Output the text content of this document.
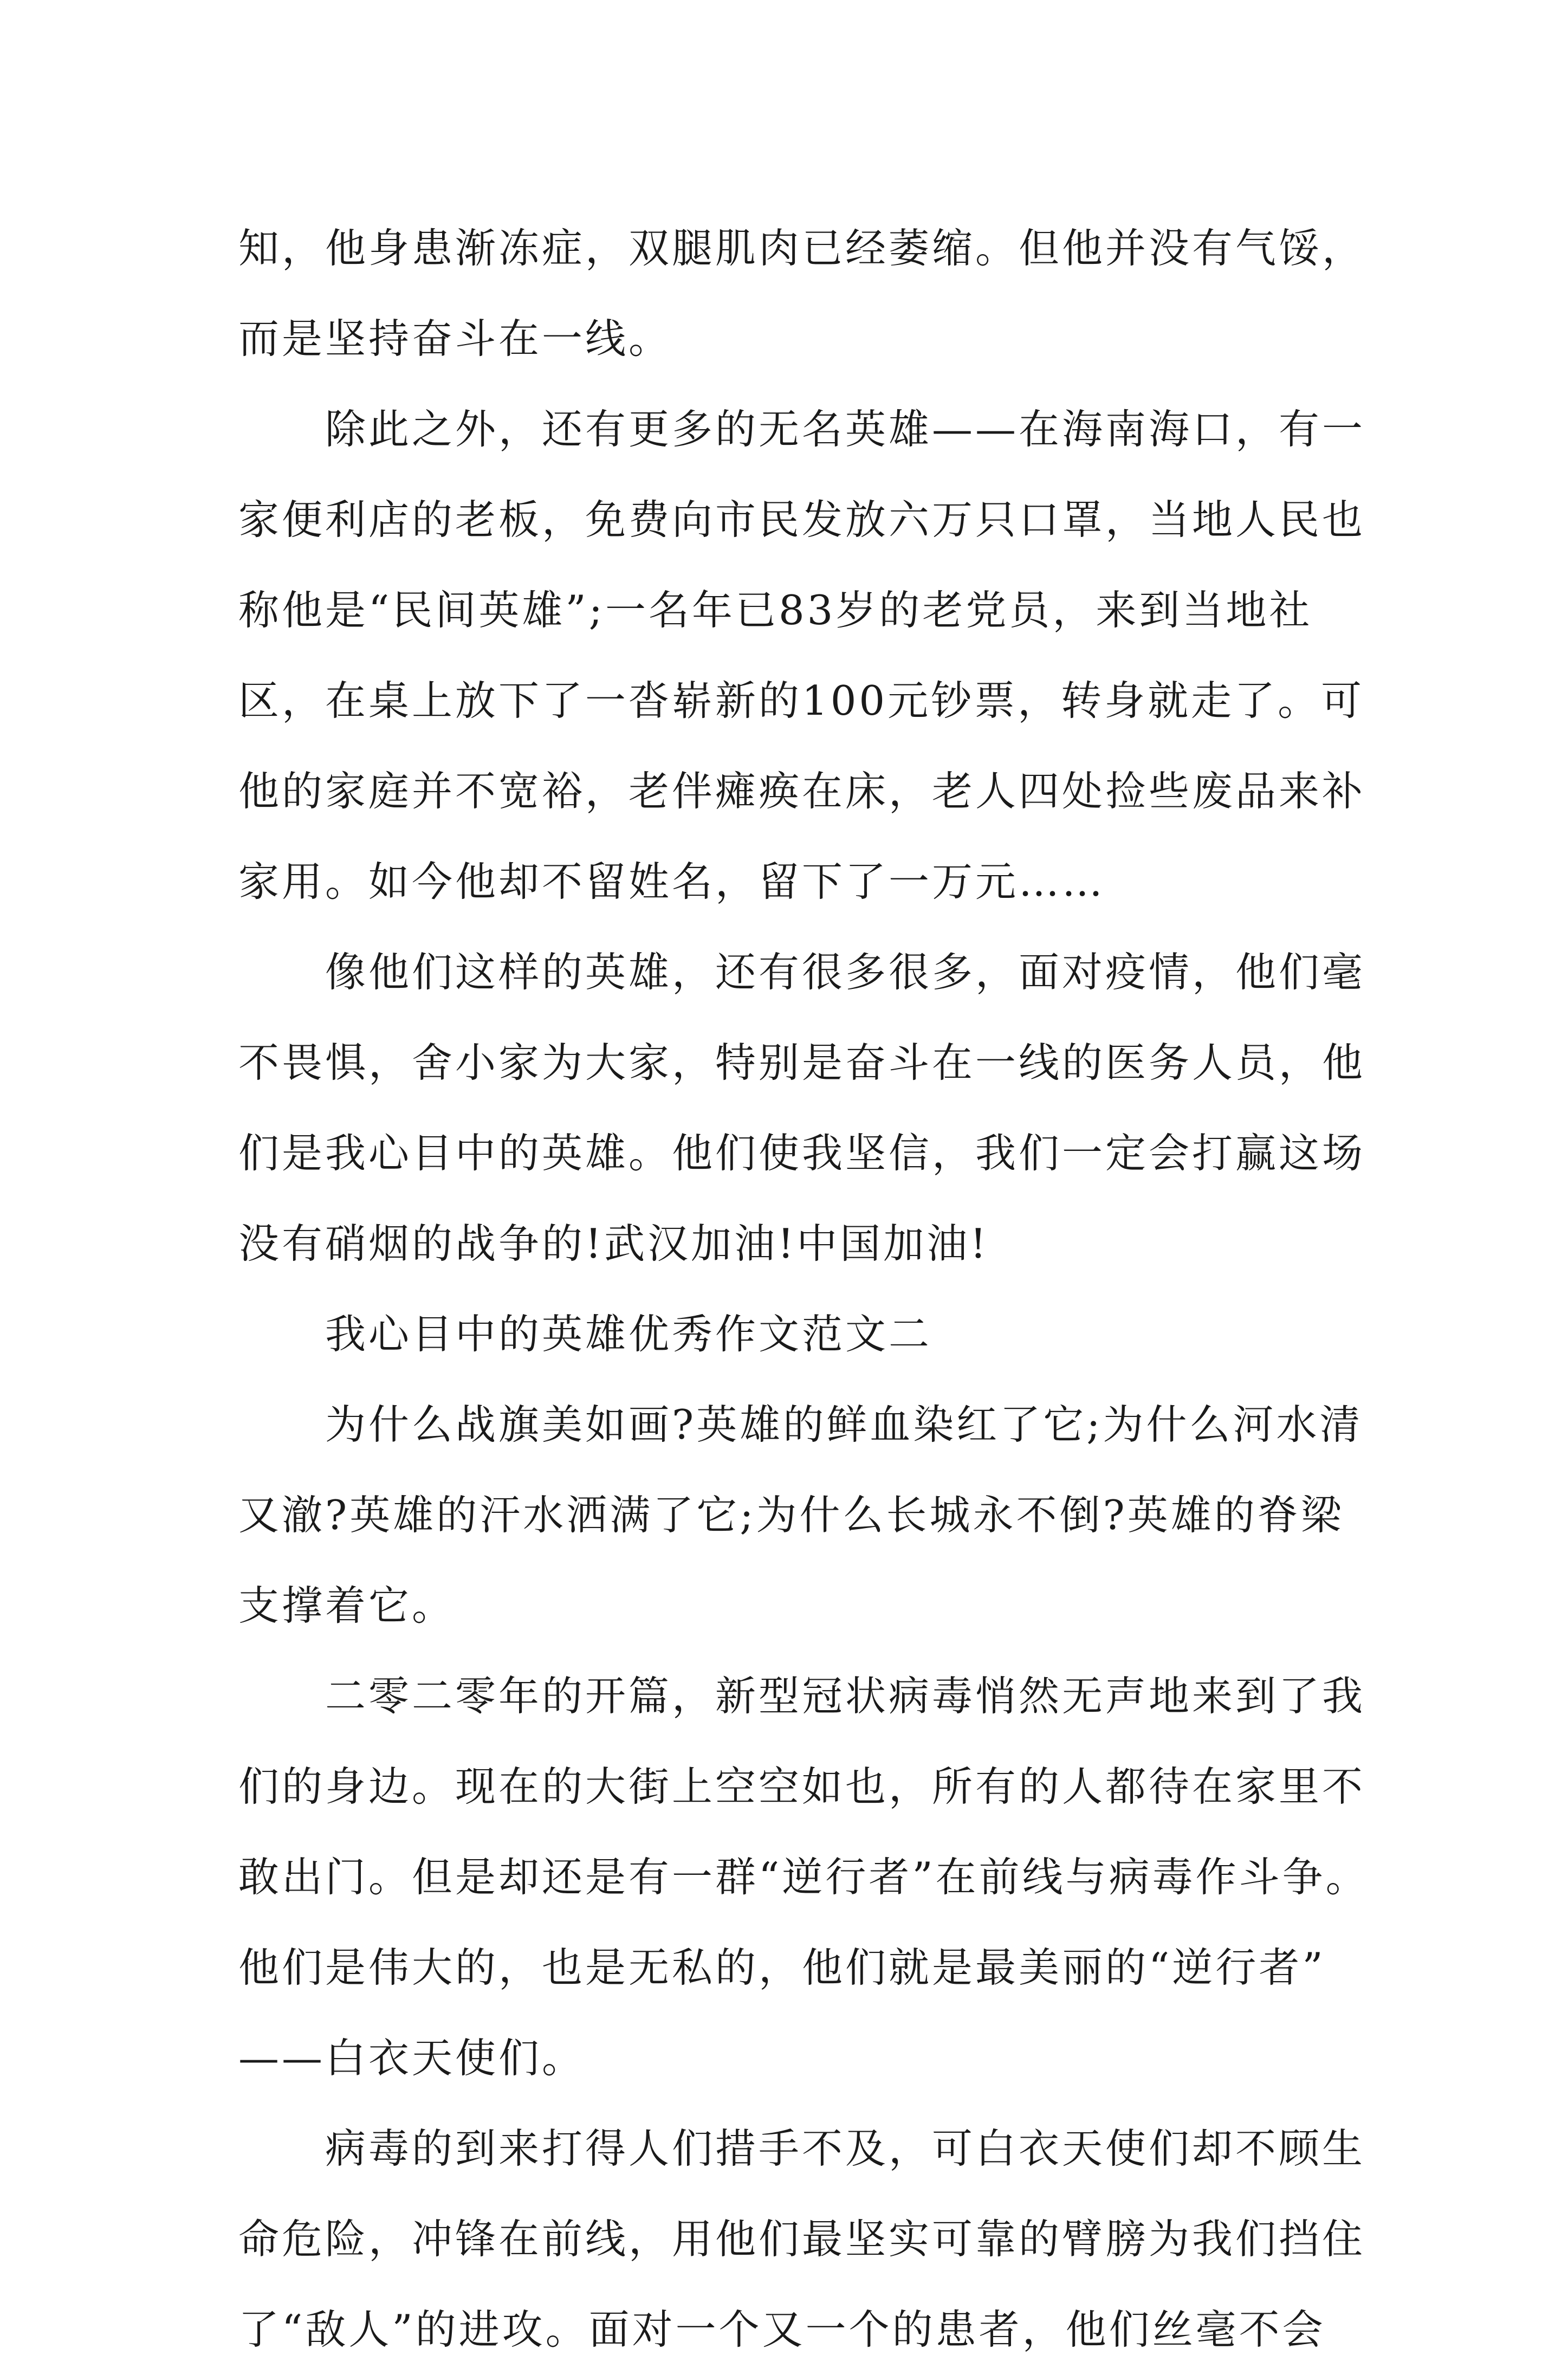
知，他身患渐冻症，双腿肌肉已经萎缩。但他并没有气馁，
而是坚持奋斗在一线。
除此之外，还有更多的无名英雄——在海南海口，有一
家便利店的老板，免费向市民发放六万只口罩，当地人民也
称他是“民间英雄”;一名年已83岁的老党员，来到当地社
区，在桌上放下了一沓崭新的100元钞票，转身就走了。可
他的家庭并不宽裕，老伴瘫痪在床，老人四处捡些废品来补
家用。如今他却不留姓名，留下了一万元……
像他们这样的英雄，还有很多很多，面对疫情，他们毫
不畏惧，舍小家为大家，特别是奋斗在一线的医务人员，他
们是我心目中的英雄。他们使我坚信，我们一定会打赢这场
没有硝烟的战争的!武汉加油!中国加油!
我心目中的英雄优秀作文范文二
为什么战旗美如画?英雄的鲜血染红了它;为什么河水清
又澈?英雄的汗水洒满了它;为什么长城永不倒?英雄的脊梁
支撑着它。
二零二零年的开篇，新型冠状病毒悄然无声地来到了我
们的身边。现在的大街上空空如也，所有的人都待在家里不
敢出门。但是却还是有一群“逆行者”在前线与病毒作斗争。
他们是伟大的，也是无私的，他们就是最美丽的“逆行者”
——白衣天使们。
病毒的到来打得人们措手不及，可白衣天使们却不顾生
命危险，冲锋在前线，用他们最坚实可靠的臂膀为我们挡住
了“敌人”的进攻。面对一个又一个的患者，他们丝毫不会
